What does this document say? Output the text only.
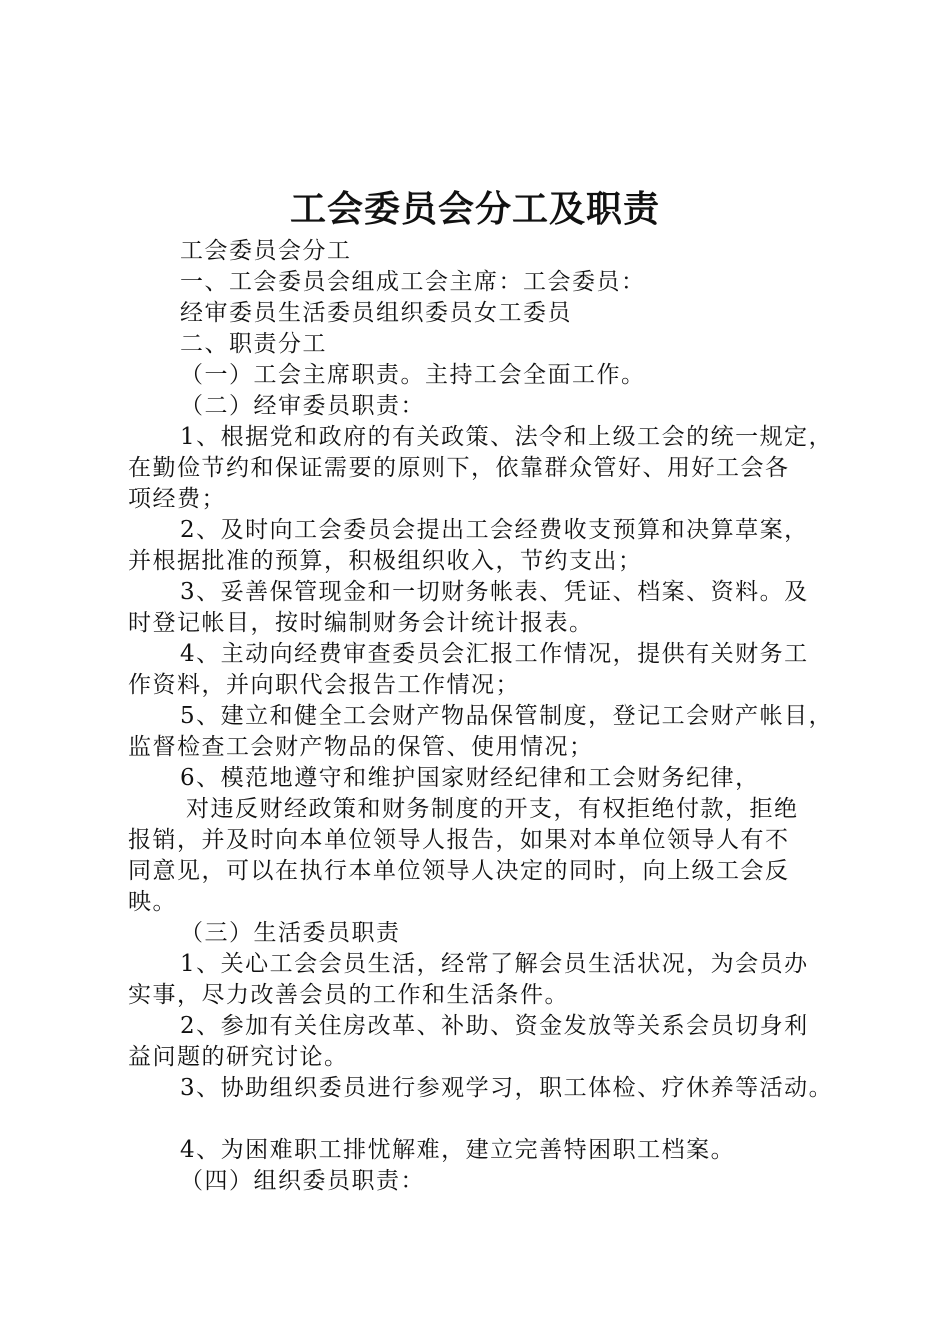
工会委员会分工及职责
工会委员会分工
一、工会委员会组成工会主席：工会委员：
经审委员生活委员组织委员女工委员
二、职责分工
（一）工会主席职责。主持工会全面工作。
（二）经审委员职责：
1、根据党和政府的有关政策、法令和上级工会的统一规定，
在勤俭节约和保证需要的原则下，依靠群众管好、用好工会各
项经费；
2、及时向工会委员会提出工会经费收支预算和决算草案，
并根据批准的预算，积极组织收入，节约支出；
3、妥善保管现金和一切财务帐表、凭证、档案、资料。及
时登记帐目，按时编制财务会计统计报表。
4、主动向经费审查委员会汇报工作情况，提供有关财务工
作资料，并向职代会报告工作情况；
5、建立和健全工会财产物品保管制度，登记工会财产帐目，
监督检查工会财产物品的保管、使用情况；
6、模范地遵守和维护国家财经纪律和工会财务纪律，
对违反财经政策和财务制度的开支，有权拒绝付款，拒绝
报销，并及时向本单位领导人报告，如果对本单位领导人有不
同意见，可以在执行本单位领导人决定的同时，向上级工会反
映。
（三）生活委员职责
1、关心工会会员生活，经常了解会员生活状况，为会员办
实事，尽力改善会员的工作和生活条件。
2、参加有关住房改革、补助、资金发放等关系会员切身利
益问题的研究讨论。
3、协助组织委员进行参观学习，职工体检、疗休养等活动。
4、为困难职工排忧解难，建立完善特困职工档案。
（四）组织委员职责：
